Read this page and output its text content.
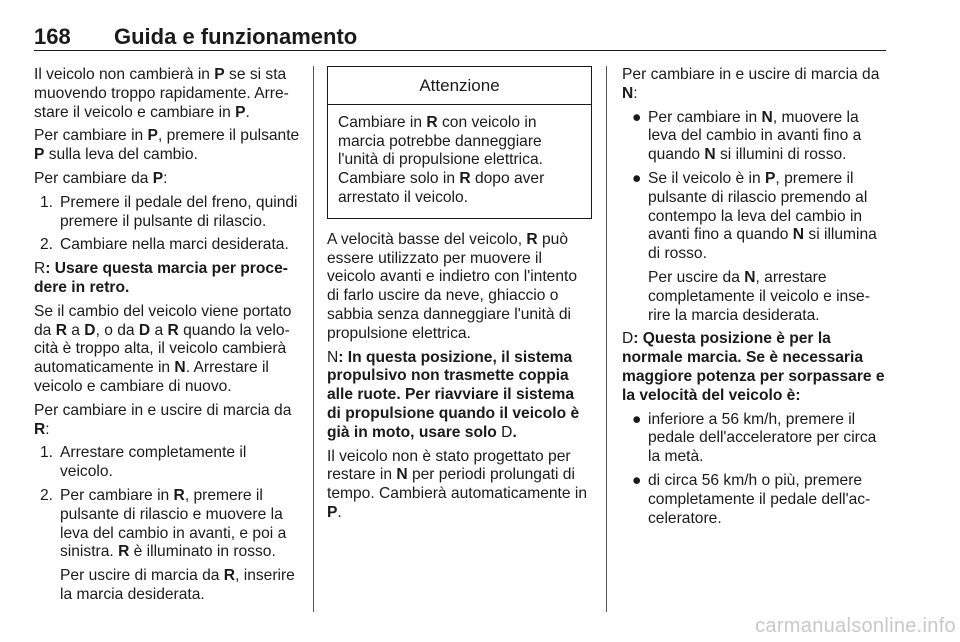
168 Guida e funzionamento

Il veicolo non cambierà in P se si sta muovendo troppo rapidamente. Arre-stare il veicolo e cambiare in P.

Per cambiare in P, premere il pulsante P sulla leva del cambio.

Per cambiare da P:

1. Premere il pedale del freno, quindi premere il pulsante di rilascio.
2. Cambiare nella marci desiderata.

R: Usare questa marcia per proce-dere in retro.

Se il cambio del veicolo viene portato da R a D, o da D a R quando la velo-cità è troppo alta, il veicolo cambierà automaticamente in N. Arrestare il veicolo e cambiare di nuovo.

Per cambiare in e uscire di marcia da R:

1. Arrestare completamente il veicolo.
2. Per cambiare in R, premere il pulsante di rilascio e muovere la leva del cambio in avanti, e poi a sinistra. R è illuminato in rosso.

Per uscire di marcia da R, inserire la marcia desiderata.

Attenzione
Cambiare in R con veicolo in marcia potrebbe danneggiare l'unità di propulsione elettrica. Cambiare solo in R dopo aver arrestato il veicolo.

A velocità basse del veicolo, R può essere utilizzato per muovere il veicolo avanti e indietro con l'intento di farlo uscire da neve, ghiaccio o sabbia senza danneggiare l'unità di propulsione elettrica.

N: In questa posizione, il sistema propulsivo non trasmette coppia alle ruote. Per riavviare il sistema di propulsione quando il veicolo è già in moto, usare solo D.

Il veicolo non è stato progettato per restare in N per periodi prolungati di tempo. Cambierà automaticamente in P.

Per cambiare in e uscire di marcia da N:

● Per cambiare in N, muovere la leva del cambio in avanti fino a quando N si illumini di rosso.
● Se il veicolo è in P, premere il pulsante di rilascio premendo al contempo la leva del cambio in avanti fino a quando N si illumina di rosso.

Per uscire da N, arrestare completamente il veicolo e inse-rire la marcia desiderata.

D: Questa posizione è per la normale marcia. Se è necessaria maggiore potenza per sorpassare e la velocità del veicolo è:

● inferiore a 56 km/h, premere il pedale dell'acceleratore per circa la metà.
● di circa 56 km/h o più, premere completamente il pedale dell'ac-celeratore.
carmanualsonline.info
